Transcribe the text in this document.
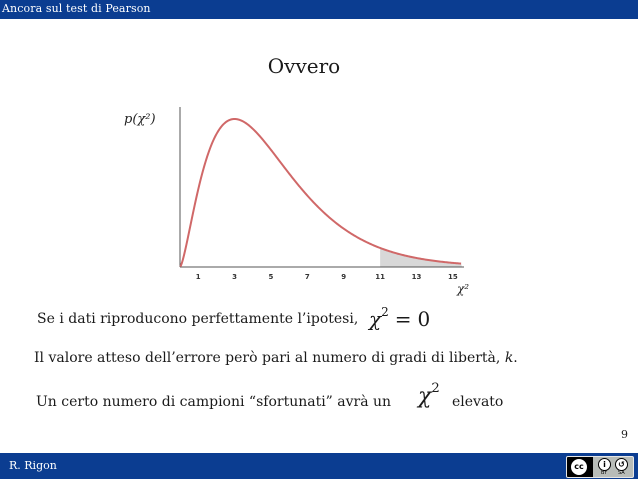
Ancora sul test di Pearson
Ovvero
1	3	5	7	9	11	13	15
p(χ²)
χ²
Se i dati riproducono perfettamente l’ipotesi, $\chi^2 = 0$
Il valore atteso dell’errore però pari al numero di gradi di libertà, k.
Un certo numero di campioni “sfortunati” avrà un $\chi^2$
elevato
9
R. Rigon	cc	i	↺
BY SA
